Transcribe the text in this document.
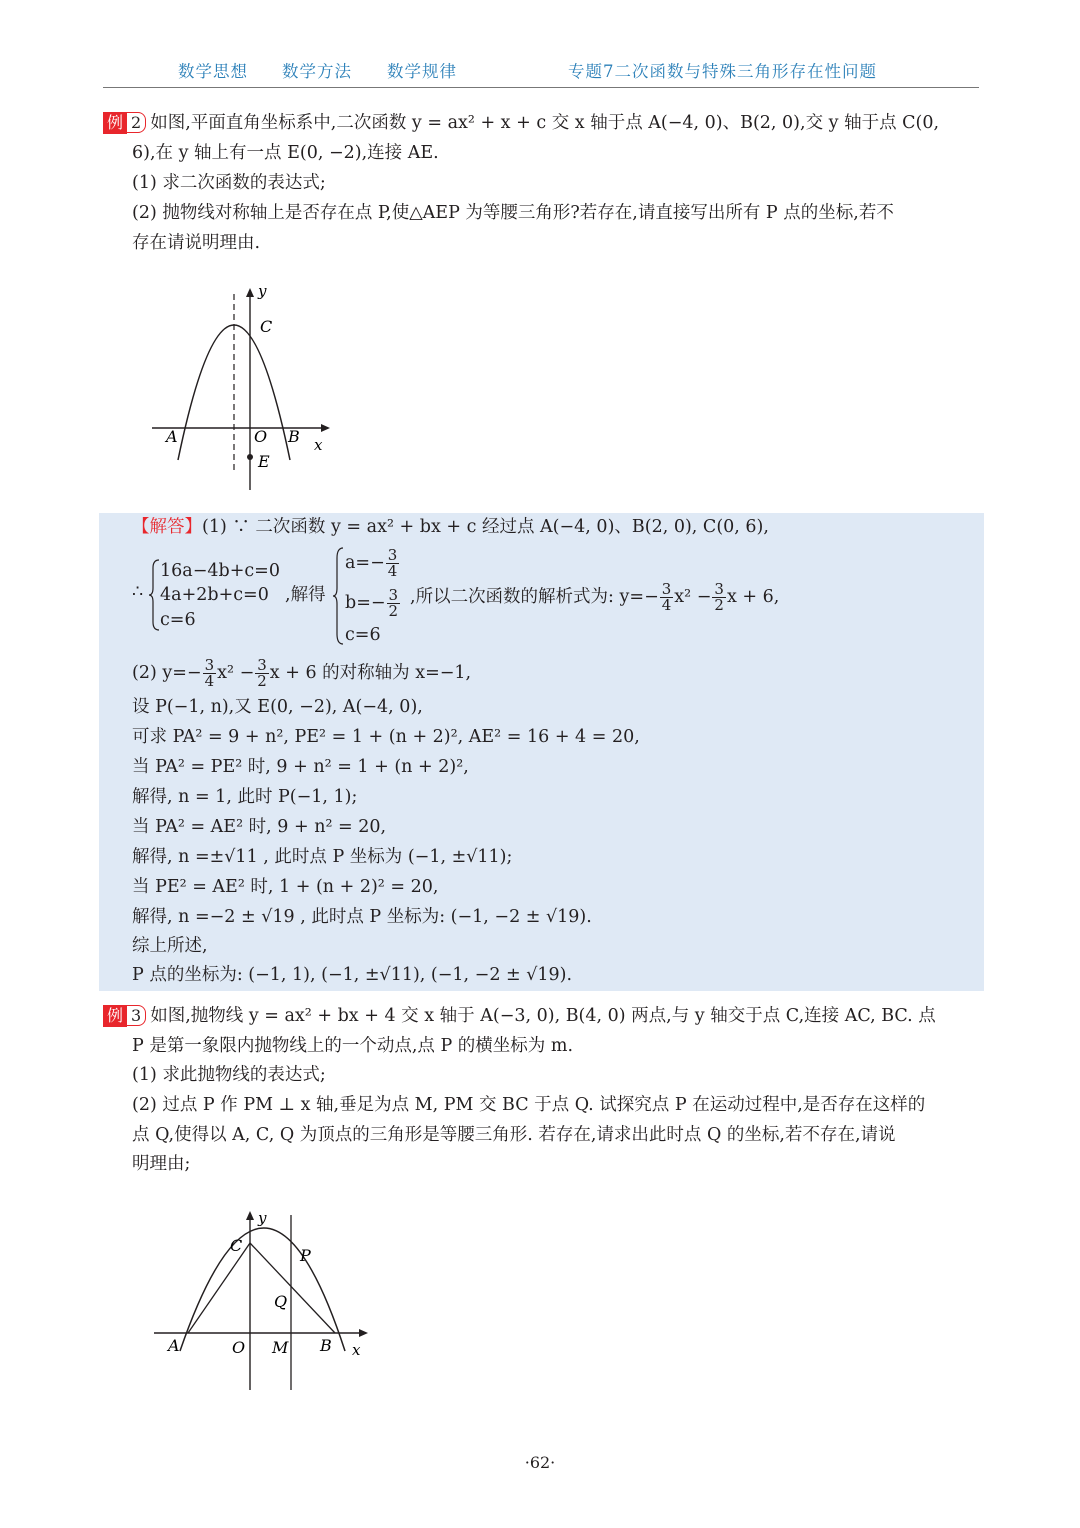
数学思想 数学方法 数学规律	专题7二次函数与特殊三角形存在性问题
例 2 如图,平面直角坐标系中,二次函数 y = ax² + x + c 交 x 轴于点 A(−4, 0)、B(2, 0),交 y 轴于点 C(0,
6),在 y 轴上有一点 E(0, −2),连接 AE.
(1) 求二次函数的表达式;
(2) 抛物线对称轴上是否存在点 P,使△AEP 为等腰三角形?若存在,请直接写出所有 P 点的坐标,若不
存在请说明理由.
y
C
A	O B x
E
【解答】(1) ∵ 二次函数 y = ax² + bx + c 经过点 A(−4, 0)、B(2, 0), C(0, 6),
∴
16a−4b+c=0
4a+2b+c=0
c=6
,解得
$a=- \frac{3}{4}$
$b=- \frac{3}{2}$
c=6
,所以二次函数的解析式为: $y=- \frac{3}{4} x^2 - \frac{3}{2}$ x + 6,
(2) $y=- \frac{3}{4} x^2 - \frac{3}{2}$ x + 6 的对称轴为 x=−1,
设 P(−1, n),又 E(0, −2), A(−4, 0),
可求 PA² = 9 + n², PE² = 1 + (n + 2)², AE² = 16 + 4 = 20,
当 PA² = PE² 时, 9 + n² = 1 + (n + 2)²,
解得, n = 1, 此时 P(−1, 1);
当 PA² = AE² 时, 9 + n² = 20,
解得, n =±√11 , 此时点 P 坐标为 (−1, ±√11);
当 PE² = AE² 时, 1 + (n + 2)² = 20,
解得, n =−2 ± √19 , 此时点 P 坐标为: (−1, −2 ± √19).
综上所述,
P 点的坐标为: (−1, 1), (−1, ±√11), (−1, −2 ± √19).
例 3 如图,抛物线 y = ax² + bx + 4 交 x 轴于 A(−3, 0), B(4, 0) 两点,与 y 轴交于点 C,连接 AC, BC. 点
P 是第一象限内抛物线上的一个动点,点 P 的横坐标为 m.
(1) 求此抛物线的表达式;
(2) 过点 P 作 PM ⊥ x 轴,垂足为点 M, PM 交 BC 于点 Q. 试探究点 P 在运动过程中,是否存在这样的
点 Q,使得以 A, C, Q 为顶点的三角形是等腰三角形. 若存在,请求出此时点 Q 的坐标,若不存在,请说
明理由;
y
C
P
Q
A	O M B x
·62·
